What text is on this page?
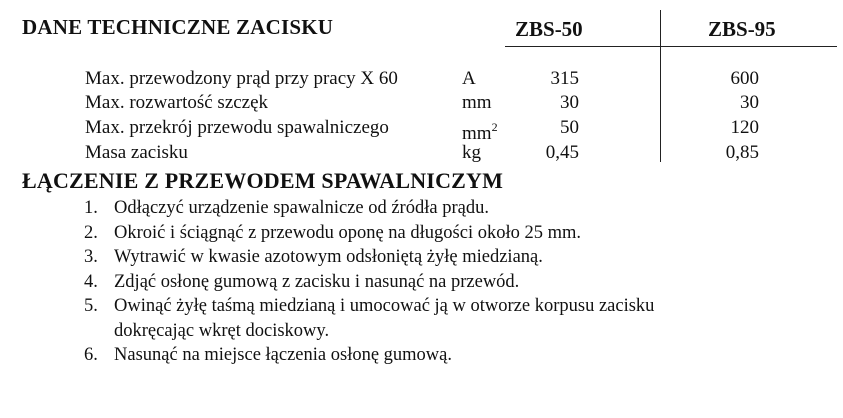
DANE TECHNICZNE ZACISKU	ZBS-50	ZBS-95
Max. przewodzony prąd przy pracy X 60	A	315	600
Max. rozwartość szczęk	mm	30	30
Max. przekrój przewodu spawalniczego	$mm^2$	50	120
Masa zacisku	kg	0,45	0,85
ŁĄCZENIE Z PRZEWODEM SPAWALNICZYM
1. Odłączyć urządzenie spawalnicze od źródła prądu.
2. Okroić i ściągnąć z przewodu oponę na długości około 25 mm.
3. Wytrawić w kwasie azotowym odsłoniętą żyłę miedzianą.
4. Zdjąć osłonę gumową z zacisku i nasunąć na przewód.
5. Owinąć żyłę taśmą miedzianą i umocować ją w otworze korpusu zacisku
dokręcając wkręt dociskowy.
6. Nasunąć na miejsce łączenia osłonę gumową.
